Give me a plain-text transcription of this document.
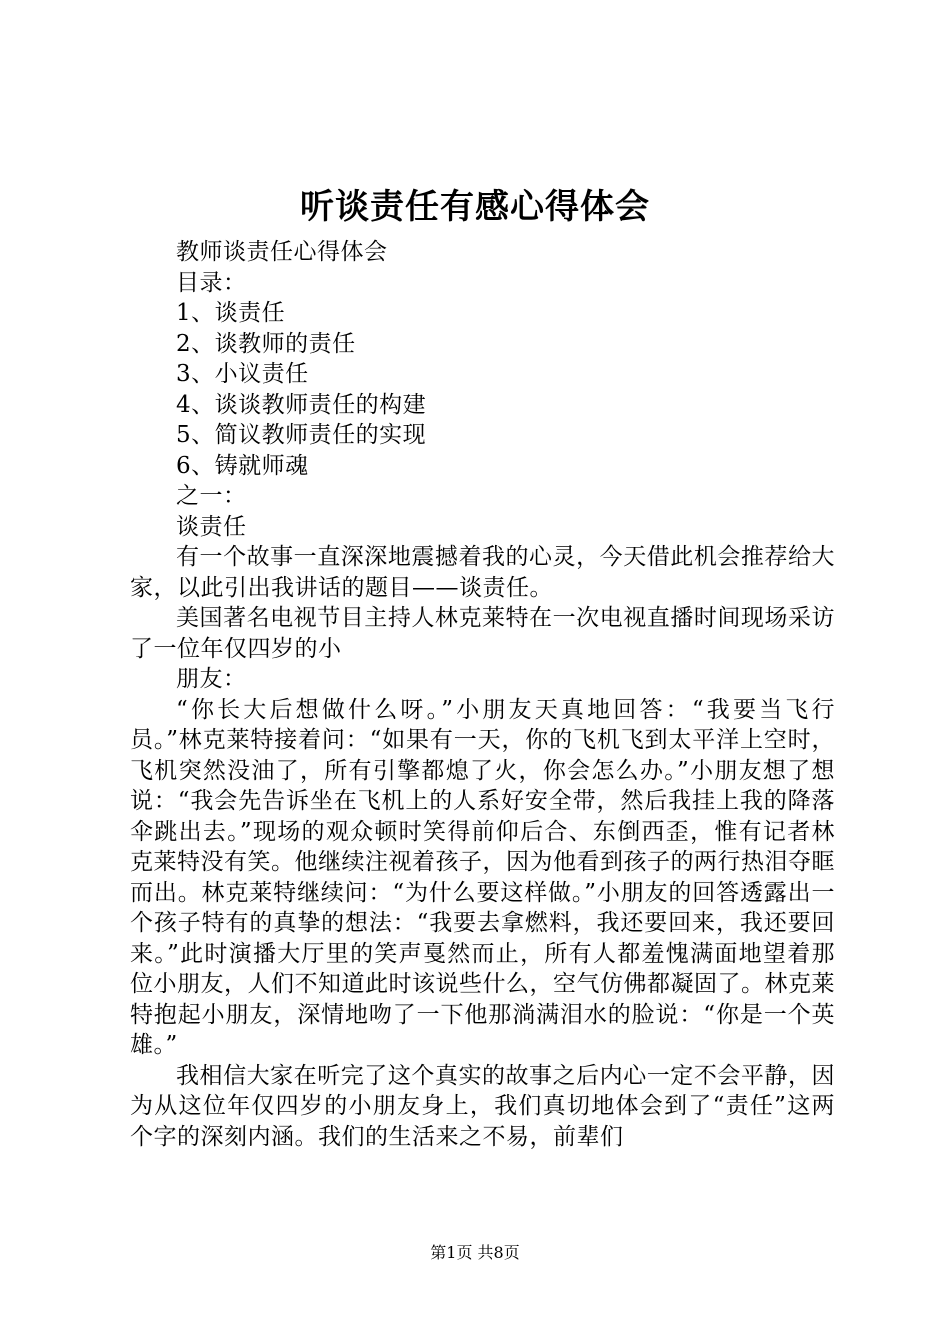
听谈责任有感心得体会

教师谈责任心得体会

目录：

1、谈责任

2、谈教师的责任

3、小议责任

4、谈谈教师责任的构建

5、简议教师责任的实现

6、铸就师魂

之一：

谈责任

有一个故事一直深深地震撼着我的心灵，今天借此机会推荐给大家，以此引出我讲话的题目——谈责任。

美国著名电视节目主持人林克莱特在一次电视直播时间现场采访了一位年仅四岁的小

朋友：

“你长大后想做什么呀。”小朋友天真地回答：“我要当飞行员。”林克莱特接着问：“如果有一天，你的飞机飞到太平洋上空时，飞机突然没油了，所有引擎都熄了火，你会怎么办。”小朋友想了想说：“我会先告诉坐在飞机上的人系好安全带，然后我挂上我的降落伞跳出去。”现场的观众顿时笑得前仰后合、东倒西歪，惟有记者林克莱特没有笑。他继续注视着孩子，因为他看到孩子的两行热泪夺眶而出。林克莱特继续问：“为什么要这样做。”小朋友的回答透露出一个孩子特有的真挚的想法：“我要去拿燃料，我还要回来，我还要回来。”此时演播大厅里的笑声戛然而止，所有人都羞愧满面地望着那位小朋友，人们不知道此时该说些什么，空气仿佛都凝固了。林克莱特抱起小朋友，深情地吻了一下他那淌满泪水的脸说：“你是一个英雄。”

我相信大家在听完了这个真实的故事之后内心一定不会平静，因为从这位年仅四岁的小朋友身上，我们真切地体会到了“责任”这两个字的深刻内涵。我们的生活来之不易，前辈们

第1页 共8页
